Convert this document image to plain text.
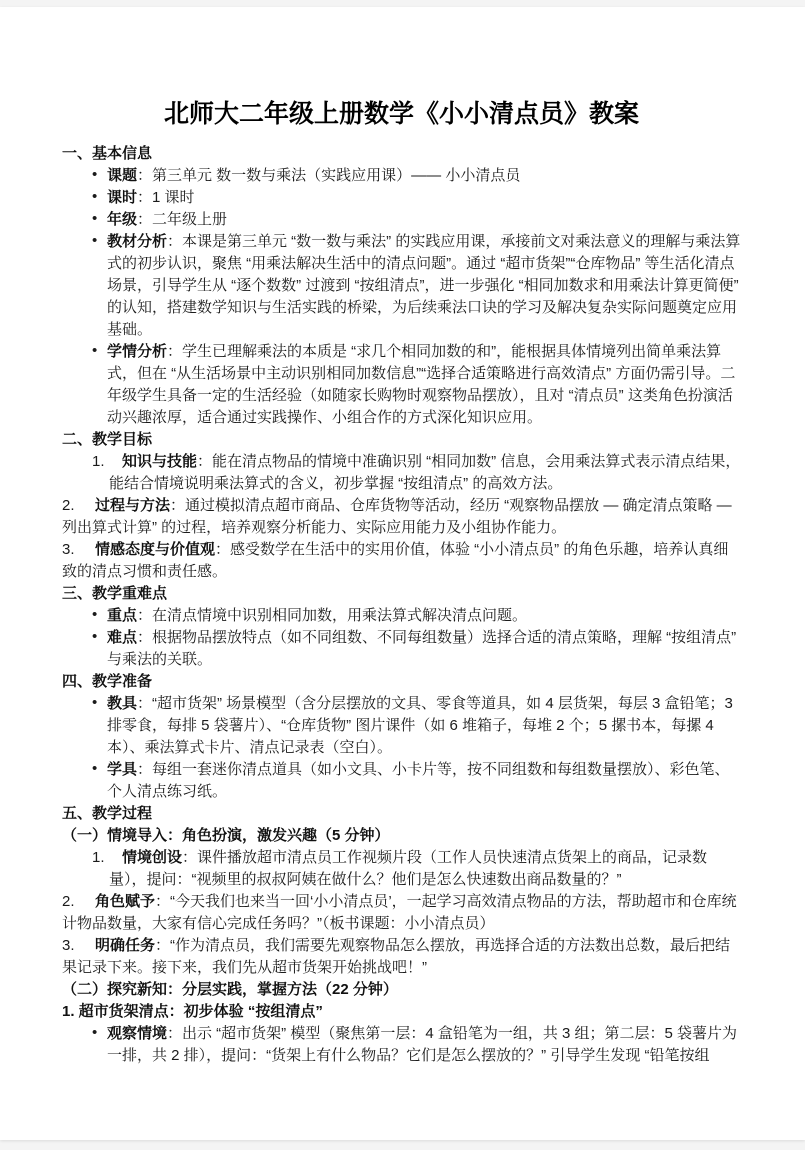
北师大二年级上册数学《小小清点员》教案
一、基本信息
• 课题：第三单元 数一数与乘法（实践应用课）—— 小小清点员
• 课时：1 课时
• 年级：二年级上册
• 教材分析：本课是第三单元 “数一数与乘法” 的实践应用课，承接前文对乘法意义的理解与乘法算式的初步认识，聚焦 “用乘法解决生活中的清点问题”。通过 “超市货架”“仓库物品” 等生活化清点场景，引导学生从 “逐个数数” 过渡到 “按组清点”，进一步强化 “相同加数求和用乘法计算更简便” 的认知，搭建数学知识与生活实践的桥梁，为后续乘法口诀的学习及解决复杂实际问题奠定应用基础。
• 学情分析：学生已理解乘法的本质是 “求几个相同加数的和”，能根据具体情境列出简单乘法算式，但在 “从生活场景中主动识别相同加数信息”“选择合适策略进行高效清点” 方面仍需引导。二年级学生具备一定的生活经验（如随家长购物时观察物品摆放），且对 “清点员” 这类角色扮演活动兴趣浓厚，适合通过实践操作、小组合作的方式深化知识应用。
二、教学目标
1. 知识与技能：能在清点物品的情境中准确识别 “相同加数” 信息，会用乘法算式表示清点结果，能结合情境说明乘法算式的含义，初步掌握 “按组清点” 的高效方法。
2. 过程与方法：通过模拟清点超市商品、仓库货物等活动，经历 “观察物品摆放 — 确定清点策略 — 列出算式计算” 的过程，培养观察分析能力、实际应用能力及小组协作能力。
3. 情感态度与价值观：感受数学在生活中的实用价值，体验 “小小清点员” 的角色乐趣，培养认真细致的清点习惯和责任感。
三、教学重难点
• 重点：在清点情境中识别相同加数，用乘法算式解决清点问题。
• 难点：根据物品摆放特点（如不同组数、不同每组数量）选择合适的清点策略，理解 “按组清点” 与乘法的关联。
四、教学准备
• 教具：“超市货架” 场景模型（含分层摆放的文具、零食等道具，如 4 层货架，每层 3 盒铅笔；3 排零食，每排 5 袋薯片）、“仓库货物” 图片课件（如 6 堆箱子，每堆 2 个；5 摞书本，每摞 4 本）、乘法算式卡片、清点记录表（空白）。
• 学具：每组一套迷你清点道具（如小文具、小卡片等，按不同组数和每组数量摆放）、彩色笔、个人清点练习纸。
五、教学过程
（一）情境导入：角色扮演，激发兴趣（5 分钟）
1. 情境创设：课件播放超市清点员工作视频片段（工作人员快速清点货架上的商品，记录数量），提问：“视频里的叔叔阿姨在做什么？他们是怎么快速数出商品数量的？”
2. 角色赋予：“今天我们也来当一回‘小小清点员’，一起学习高效清点物品的方法，帮助超市和仓库统计物品数量，大家有信心完成任务吗？”（板书课题：小小清点员）
3. 明确任务：“作为清点员，我们需要先观察物品怎么摆放，再选择合适的方法数出总数，最后把结果记录下来。接下来，我们先从超市货架开始挑战吧！”
（二）探究新知：分层实践，掌握方法（22 分钟）
1. 超市货架清点：初步体验 “按组清点”
• 观察情境：出示 “超市货架” 模型（聚焦第一层：4 盒铅笔为一组，共 3 组；第二层：5 袋薯片为一排，共 2 排），提问：“货架上有什么物品？它们是怎么摆放的？” 引导学生发现 “铅笔按组
